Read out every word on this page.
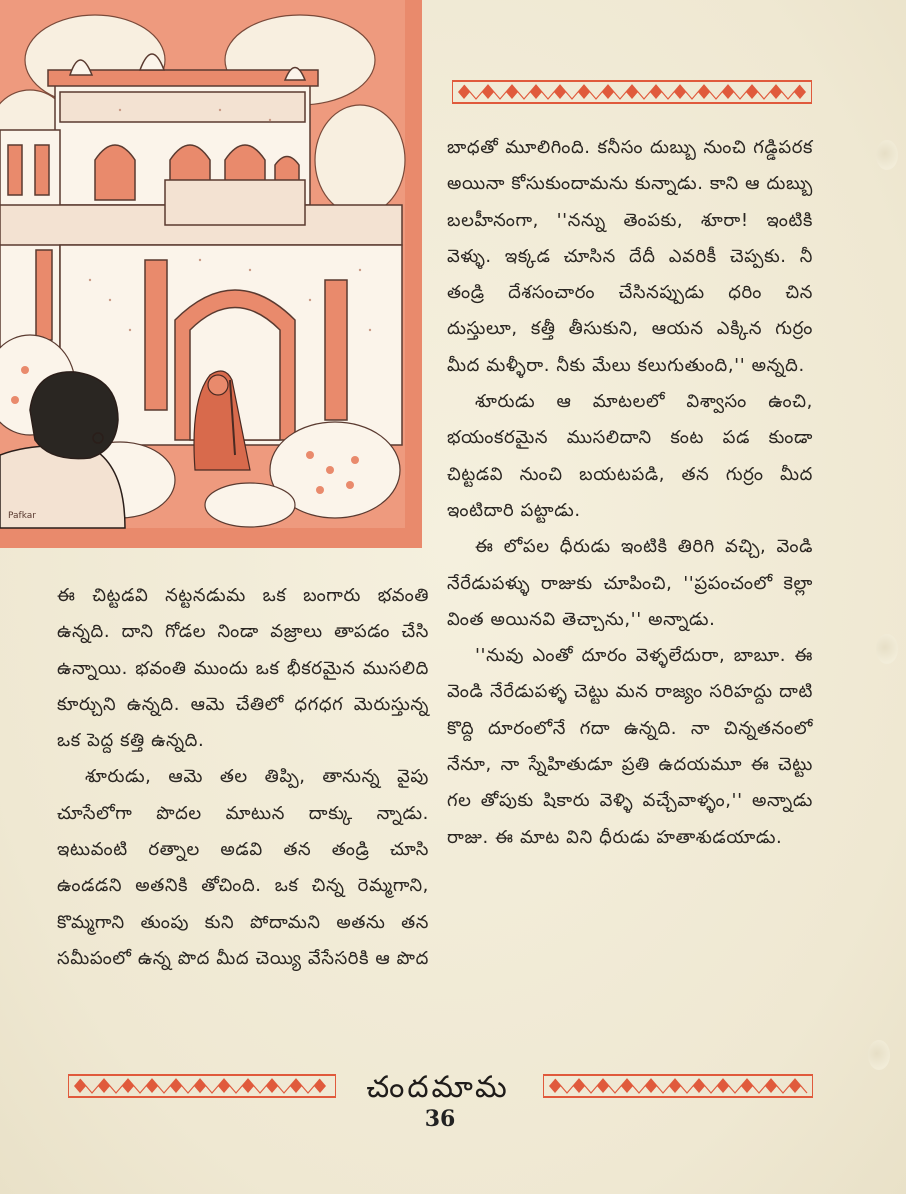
Pafkar

బాధతో మూలిగింది. కనీసం దుబ్బు నుంచి గడ్డిపరక అయినా కోసుకుందామను కున్నాడు. కాని ఆ దుబ్బు బలహీనంగా, ''నన్ను తెంపకు, శూరా! ఇంటికి వెళ్ళు. ఇక్కడ చూసిన దేదీ ఎవరికీ చెప్పకు. నీ తండ్రి దేశసంచారం చేసినప్పుడు ధరిం చిన దుస్తులూ, కత్తీ తీసుకుని, ఆయన ఎక్కిన గుర్రం మీద మళ్ళీరా. నీకు మేలు కలుగుతుంది,'' అన్నది.

శూరుడు ఆ మాటలలో విశ్వాసం ఉంచి, భయంకరమైన ముసలిదాని కంట పడ కుండా చిట్టడవి నుంచి బయటపడి, తన గుర్రం మీద ఇంటిదారి పట్టాడు.

ఈ లోపల ధీరుడు ఇంటికి తిరిగి వచ్చి, వెండి నేరేడుపళ్ళు రాజుకు చూపించి, ''ప్రపంచంలో కెల్లా వింత అయినవి తెచ్చాను,'' అన్నాడు.

''నువు ఎంతో దూరం వెళ్ళలేదురా, బాబూ. ఈ వెండి నేరేడుపళ్ళ చెట్టు మన రాజ్యం సరిహద్దు దాటి కొద్ది దూరంలోనే గదా ఉన్నది. నా చిన్నతనంలో నేనూ, నా స్నేహితుడూ ప్రతి ఉదయమూ ఈ చెట్టు గల తోపుకు షికారు వెళ్ళి వచ్చేవాళ్ళం,'' అన్నాడు రాజు. ఈ మాట విని ధీరుడు హతాశుడయాడు.

ఈ చిట్టడవి నట్టనడుమ ఒక బంగారు భవంతి ఉన్నది. దాని గోడల నిండా వజ్రాలు తాపడం చేసి ఉన్నాయి. భవంతి ముందు ఒక భీకరమైన ముసలిది కూర్చుని ఉన్నది. ఆమె చేతిలో ధగధగ మెరుస్తున్న ఒక పెద్ద కత్తి ఉన్నది.

శూరుడు, ఆమె తల తిప్పి, తానున్న వైపు చూసేలోగా పొదల మాటున దాక్కు న్నాడు. ఇటువంటి రత్నాల అడవి తన తండ్రి చూసి ఉండడని అతనికి తోచింది. ఒక చిన్న రెమ్మగాని, కొమ్మగాని తుంపు కుని పోదామని అతను తన సమీపంలో ఉన్న పొద మీద చెయ్యి వేసేసరికి ఆ పొద

చందమామ
36
